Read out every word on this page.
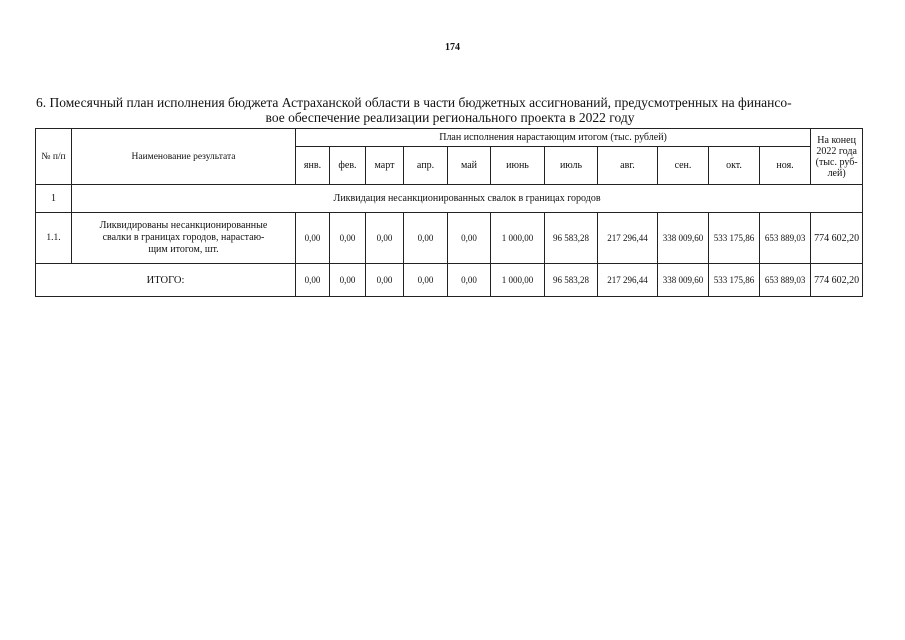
174
6. Помесячный план исполнения бюджета Астраханской области в части бюджетных ассигнований, предусмотренных на финансо-
вое обеспечение реализации регионального проекта в 2022 году
№ п/п	Наименование результата	План исполнения нарастающим итогом (тыс. рублей)											На конец
2022 года
(тыс. руб-
лей)

		янв.	фев.	март	апр.	май	июнь	июль	авг.	сен.	окт.	ноя.	
1	Ликвидация несанкционированных свалок в границах городов												
1.1.	Ликвидированы несанкционированные
свалки в границах городов, нарастаю-
щим итогом, шт.	0,00	0,00	0,00	0,00	0,00	1 000,00	96 583,28	217 296,44	338 009,60	533 175,86	653 889,03	774 602,20
ИТОГО:		0,00	0,00	0,00	0,00	0,00	1 000,00	96 583,28	217 296,44	338 009,60	533 175,86	653 889,03	774 602,20
